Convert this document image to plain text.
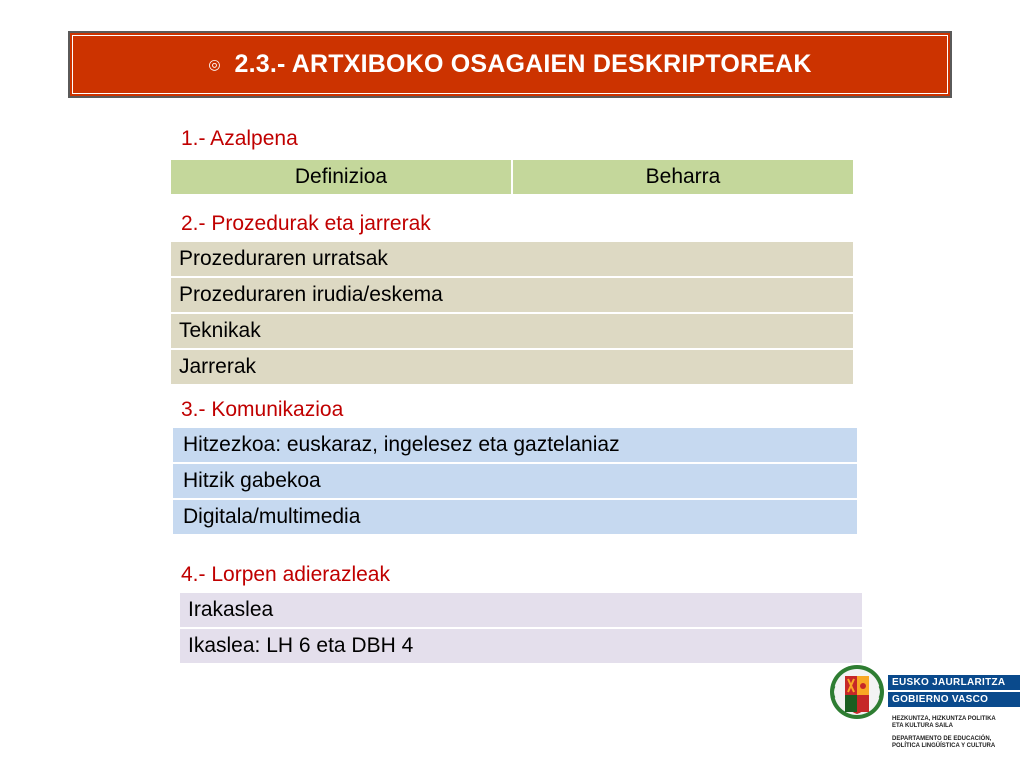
◎ 2.3.- ARTXIBOKO OSAGAIEN DESKRIPTOREAK
1.- Azalpena
Definizioa	Beharra
2.- Prozedurak eta jarrerak
Prozeduraren urratsak
Prozeduraren irudia/eskema
Teknikak
Jarrerak
3.- Komunikazioa
Hitzezkoa: euskaraz, ingelesez eta gaztelaniaz
Hitzik gabekoa
Digitala/multimedia
4.- Lorpen adierazleak
Irakaslea
Ikaslea: LH 6 eta DBH 4
EUSKO JAURLARITZA
GOBIERNO VASCO
HEZKUNTZA, HIZKUNTZA POLITIKA
ETA KULTURA SAILA
DEPARTAMENTO DE EDUCACIÓN,
POLÍTICA LINGÜÍSTICA Y CULTURA
